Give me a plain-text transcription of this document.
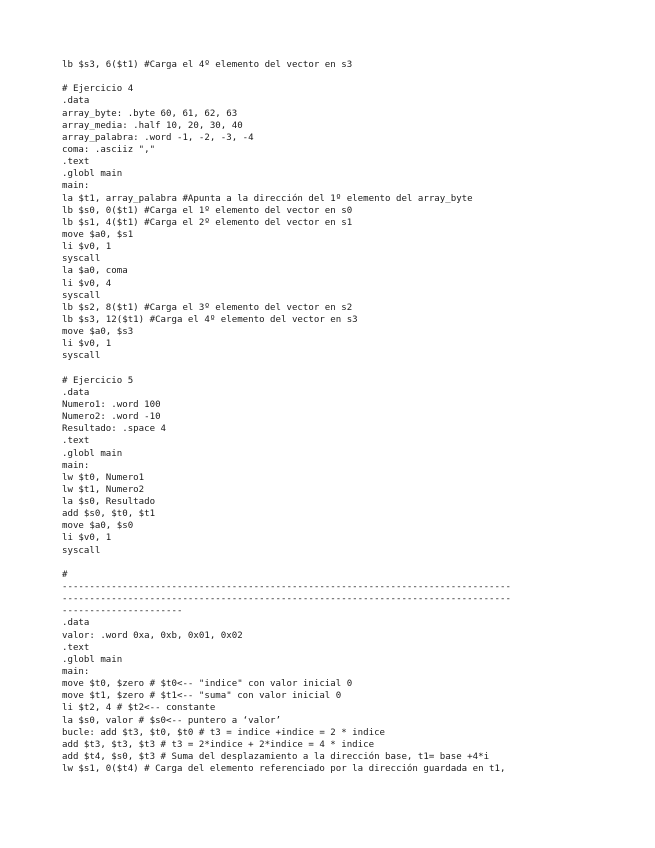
lb $s3, 6($t1) #Carga el 4º elemento del vector en s3
# Ejercicio 4
.data
array_byte: .byte 60, 61, 62, 63
array_media: .half 10, 20, 30, 40
array_palabra: .word -1, -2, -3, -4
coma: .asciiz ","
.text
.globl main
main:
la $t1, array_palabra #Apunta a la dirección del 1º elemento del array_byte
lb $s0, 0($t1) #Carga el 1º elemento del vector en s0
lb $s1, 4($t1) #Carga el 2º elemento del vector en s1
move $a0, $s1
li $v0, 1
syscall
la $a0, coma
li $v0, 4
syscall
lb $s2, 8($t1) #Carga el 3º elemento del vector en s2
lb $s3, 12($t1) #Carga el 4º elemento del vector en s3
move $a0, $s3
li $v0, 1
syscall
# Ejercicio 5
.data
Numero1: .word 100
Numero2: .word -10
Resultado: .space 4
.text
.globl main
main:
lw $t0, Numero1
lw $t1, Numero2
la $s0, Resultado
add $s0, $t0, $t1
move $a0, $s0
li $v0, 1
syscall
#
----------------------------------------------------------------------------------
----------------------------------------------------------------------------------
----------------------
.data
valor: .word 0xa, 0xb, 0x01, 0x02
.text
.globl main
main:
move $t0, $zero # $t0<-- "indice" con valor inicial 0
move $t1, $zero # $t1<-- "suma" con valor inicial 0
li $t2, 4 # $t2<-- constante
la $s0, valor # $s0<-- puntero a ‘valor’
bucle: add $t3, $t0, $t0 # t3 = indice +indice = 2 * indice
add $t3, $t3, $t3 # t3 = 2*indice + 2*indice = 4 * indice
add $t4, $s0, $t3 # Suma del desplazamiento a la dirección base, t1= base +4*i
lw $s1, 0($t4) # Carga del elemento referenciado por la dirección guardada en t1,
